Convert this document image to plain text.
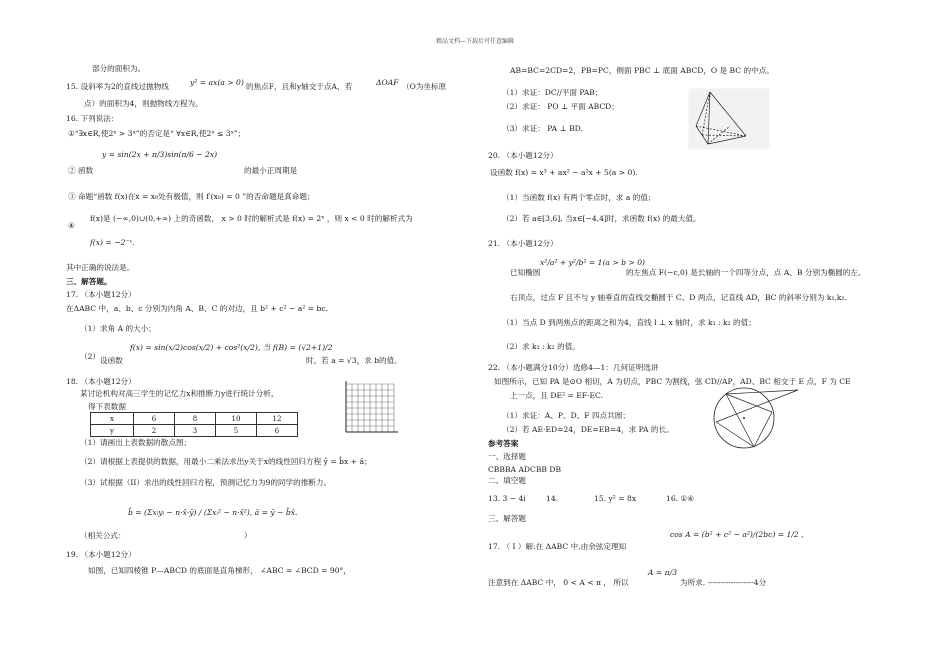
精品文档---下载后可任意编辑
部分的面积为。
15. 设斜率为2的直线过抛物线	y² = ax(a > 0) 的焦点F，且和y轴交于点A，若	ΔOAF （O为坐标原
点）的面积为4，则抛物线方程为。
16. 下列说法：
①“∃x∈R,使2ˣ > 3ˣ”的否定是“ ∀x∈R,使2ˣ ≤ 3ˣ”；
y = sin(2x + π/3)sin(π/6 − 2x)
② 函数	的最小正周期是
③ 命题“函数 f(x)在x = x₀处有极值，则 f′(x₀) = 0 ”的否命题是真命题；
f(x)是 (−∞,0)∪(0,+∞) 上的奇函数， x > 0 时的解析式是 f(x) = 2ˣ ，则 x < 0 时的解析式为
④
f(x) = −2⁻ˣ.
其中正确的说法是。
三、解答题。
17. （本小题12分）
在ΔABC 中，a、b、c 分别为内角 A、B、C 的对边，且 b² + c² − a² = bc.
（1）求角 A 的大小；
f(x) = sin(x/2)cos(x/2) + cos²(x/2), 当 f(B) = (√2+1)/2
（2） 设函数	时，若 a = √3，求 b的值。
18. （本小题12分）
某讨论机构对高三学生的记忆力x和推断力y进行统计分析，
得下表数据
x	6	8	10	12
y	2	3	5	6
（1）请画出上表数据的散点图；
（2）请根据上表提供的数据，用最小二乘法求出y关于x的线性回归方程 ŷ = b̂x + â；
（3）试根据（II）求出的线性回归方程，预测记忆力为9的同学的推断力。
b̂ = (Σxᵢyᵢ − n·x̄·ȳ) / (Σxᵢ² − n·x̄²), â = ȳ − b̂x̄.
（相关公式：	）
19. （本小题12分）
如图，已知四棱锥 P—ABCD 的底面是直角梯形， ∠ABC = ∠BCD = 90°，
AB=BC=2CD=2，PB=PC，侧面 PBC ⊥ 底面 ABCD，O 是 BC 的中点。
（1）求证：DC//平面 PAB；
（2）求证： PO ⊥ 平面 ABCD；
（3）求证： PA ⊥ BD.
20. （本小题12分）
设函数 f(x) = x³ + ax² − a²x + 5(a > 0).
（1）当函数 f(x) 有两个零点时，求 a 的值；
（2）若 a∈[3,6], 当x∈[−4,4]时，求函数 f(x) 的最大值。
21. （本小题12分）
x²/a² + y²/b² = 1(a > b > 0)
已知椭圆	的左焦点 F(−c,0) 是长轴的一个四等分点，点 A、B 分别为椭圆的左、
右顶点，过点 F 且不与 y 轴垂直的直线交椭圆于 C、D 两点，记直线 AD，BC 的斜率分别为 k₁,k₂.
（1）当点 D 到两焦点的距离之和为4，直线 l ⊥ x 轴时，求 k₁ : k₂ 的值；
（2）求 k₁ : k₂ 的值。
22. （本小题满分10分）选修4—1：几何证明选讲
如图所示，已知 PA 是⊙O 相切，A 为切点，PBC 为割线，弦 CD//AP，AD、BC 相交于 E 点，F 为 CE
上一点，且 DE² = EF·EC.
（1）求证：A、P、D、F 四点共圆；
（2）若 AE·ED=24，DE=EB=4，求 PA 的长。
参考答案
一、选择题
CBBBA ADCBB DB
二、填空题
13. 3 − 4i	14.	15. y² = 8x	16. ①④
三、解答题
17. （ I ）解:在 ΔABC 中,由余弦定理知
cos A = (b² + c² − a²)/(2bc) = 1/2 ,
注意到在 ΔABC 中， 0 < A < π ， 所以
A = π/3
为所求. ------------------4分
